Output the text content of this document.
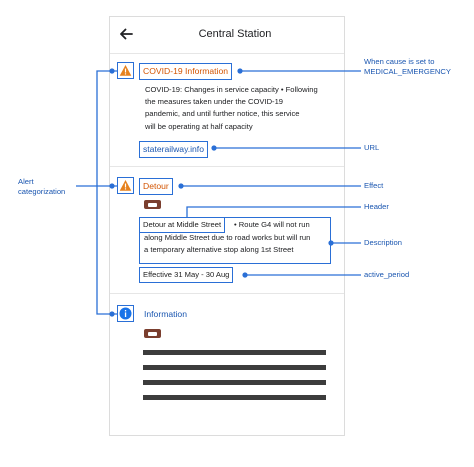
Central Station
COVID-19 Information
COVID-19: Changes in service capacity • Following
the measures taken under the COVID-19
pandemic, and until further notice, this service
will be operating at half capacity
staterailway.info
Detour
Detour at Middle Street	• Route G4 will not run
along Middle Street due to road works but will run
a temporary alternative stop along 1st Street
Effective 31 May - 30 Aug
Information
When cause is set to
MEDICAL_EMERGENCY
URL
Effect
Header
Description
active_period
Alert
categorization
